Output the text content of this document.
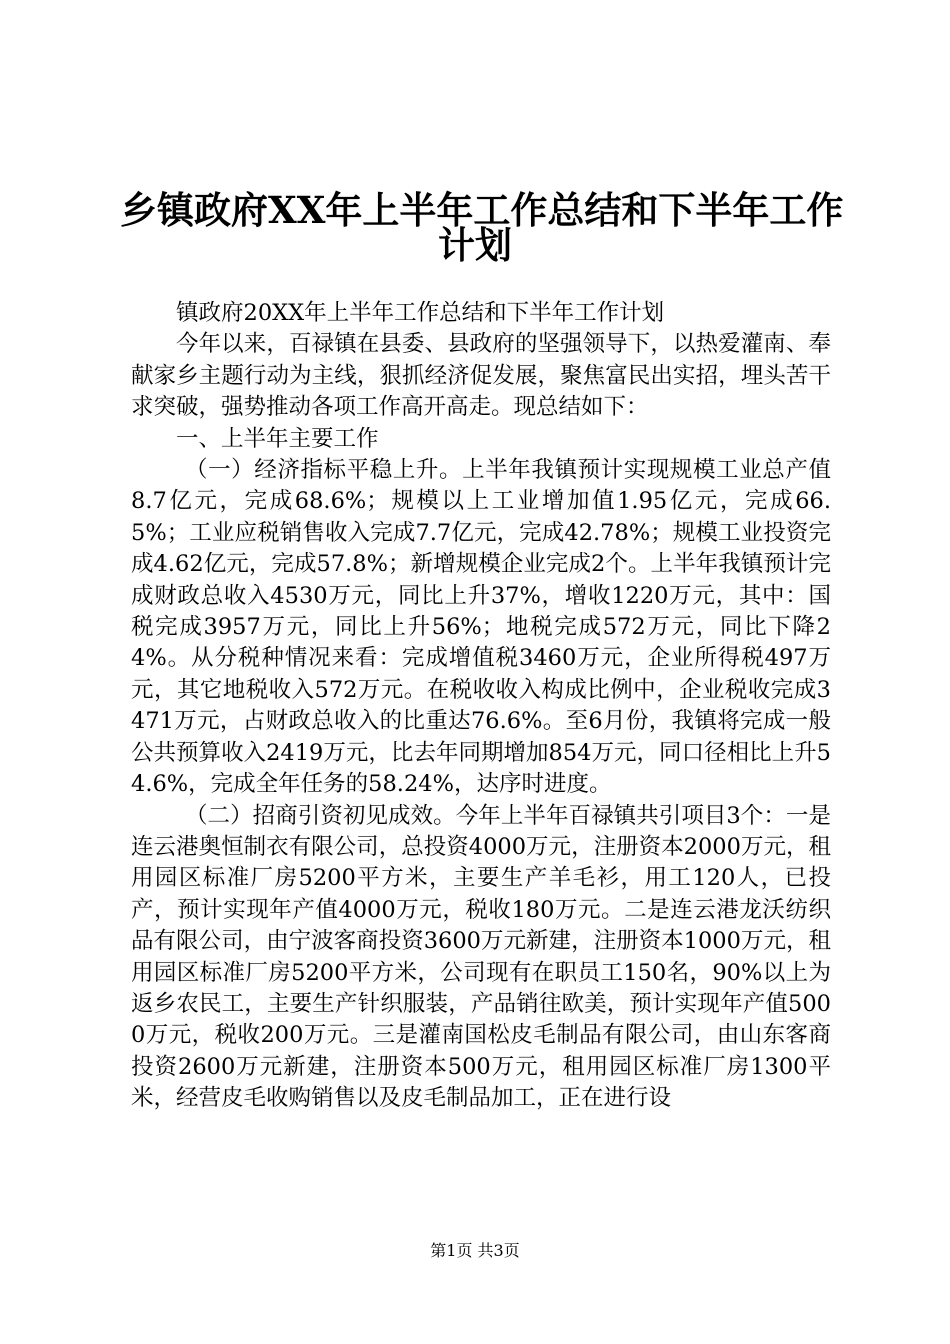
乡镇政府XX年上半年工作总结和下半年工作
计划

镇政府20XX年上半年工作总结和下半年工作计划

今年以来，百禄镇在县委、县政府的坚强领导下，以热爱灌南、奉献家乡主题行动为主线，狠抓经济促发展，聚焦富民出实招，埋头苦干求突破，强势推动各项工作高开高走。现总结如下：

一、上半年主要工作

（一）经济指标平稳上升。上半年我镇预计实现规模工业总产值8.7亿元，完成68.6%；规模以上工业增加值1.95亿元，完成66.5%；工业应税销售收入完成7.7亿元，完成42.78%；规模工业投资完成4.62亿元，完成57.8%；新增规模企业完成2个。上半年我镇预计完成财政总收入4530万元，同比上升37%，增收1220万元，其中：国税完成3957万元，同比上升56%；地税完成572万元，同比下降24%。从分税种情况来看：完成增值税3460万元，企业所得税497万元，其它地税收入572万元。在税收收入构成比例中，企业税收完成3471万元，占财政总收入的比重达76.6%。至6月份，我镇将完成一般公共预算收入2419万元，比去年同期增加854万元，同口径相比上升54.6%，完成全年任务的58.24%，达序时进度。

（二）招商引资初见成效。今年上半年百禄镇共引项目3个：一是连云港奥恒制衣有限公司，总投资4000万元，注册资本2000万元，租用园区标准厂房5200平方米，主要生产羊毛衫，用工120人，已投产，预计实现年产值4000万元，税收180万元。二是连云港龙沃纺织品有限公司，由宁波客商投资3600万元新建，注册资本1000万元，租用园区标准厂房5200平方米，公司现有在职员工150名，90%以上为返乡农民工，主要生产针织服装，产品销往欧美，预计实现年产值5000万元，税收200万元。三是灌南国松皮毛制品有限公司，由山东客商投资2600万元新建，注册资本500万元，租用园区标准厂房1300平米，经营皮毛收购销售以及皮毛制品加工，正在进行设

第1页 共3页
